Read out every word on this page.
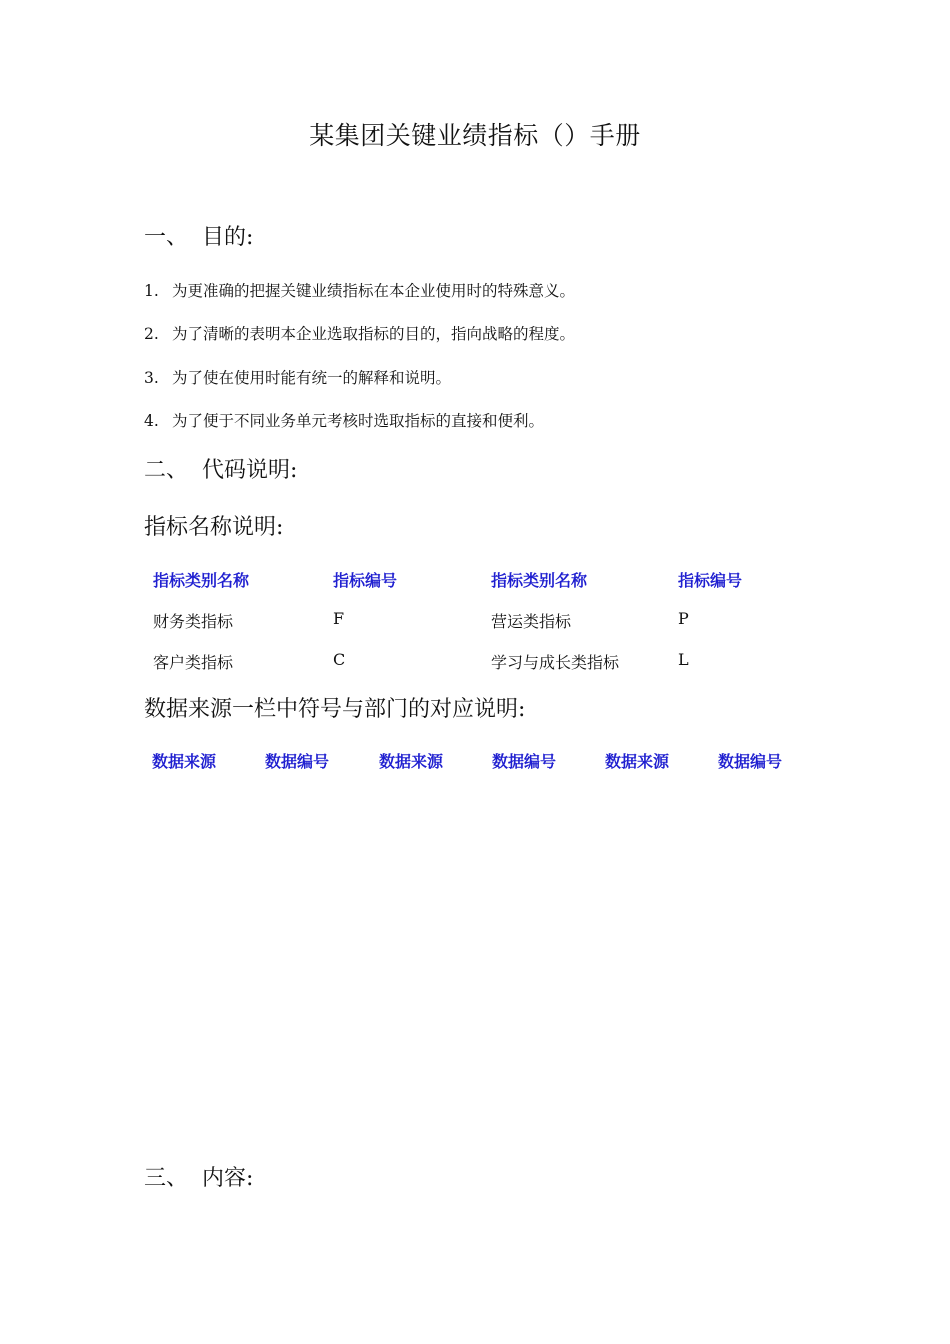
某集团关键业绩指标（）手册
一、 目的:
1. 为更准确的把握关键业绩指标在本企业使用时的特殊意义。
2. 为了清晰的表明本企业选取指标的目的，指向战略的程度。
3. 为了使在使用时能有统一的解释和说明。
4. 为了便于不同业务单元考核时选取指标的直接和便利。
二、 代码说明:
指标名称说明:
指标类别名称	指标编号	指标类别名称	指标编号
财务类指标	F	营运类指标	P
客户类指标	C	学习与成长类指标	L
数据来源一栏中符号与部门的对应说明:
数据来源	数据编号	数据来源	数据编号	数据来源	数据编号
三、 内容:
